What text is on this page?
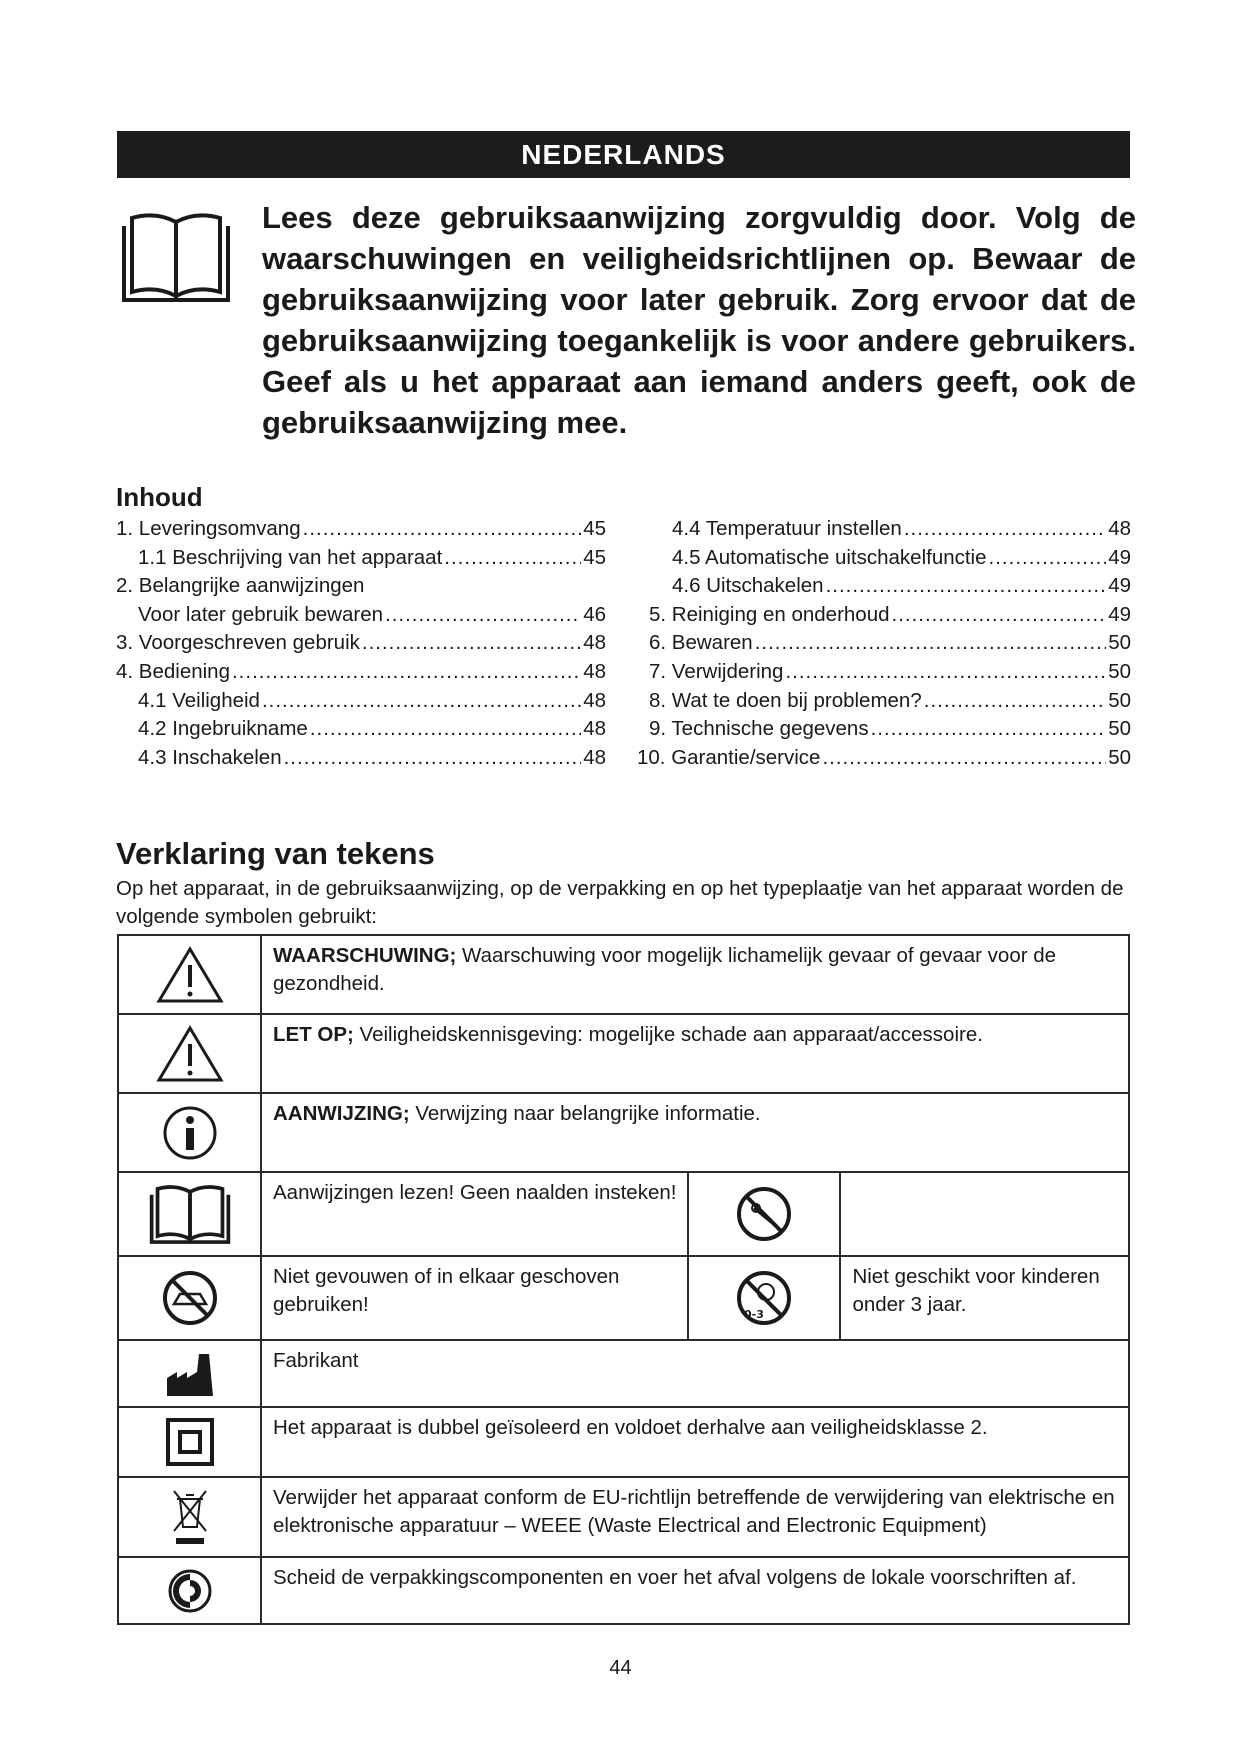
NEDERLANDS

Lees deze gebruiksaanwijzing zorgvuldig door. Volg de waarschuwingen en veiligheidsrichtlijnen op. Bewaar de gebruiksaanwijzing voor later gebruik. Zorg ervoor dat de gebruiksaanwijzing toegankelijk is voor andere gebruikers. Geef als u het apparaat aan iemand anders geeft, ook de gebruiksaanwijzing mee.

Inhoud
1. Leveringsomvang .....	45
1.1 Beschrijving van het apparaat .....	45
2. Belangrijke aanwijzingen
Voor later gebruik bewaren .....	46
3. Voorgeschreven gebruik .....	48
4. Bediening .....	48
4.1 Veiligheid .....	48
4.2 Ingebruikname .....	48
4.3 Inschakelen .....	48
4.4 Temperatuur instellen .....	48
4.5 Automatische uitschakelfunctie .....	49
4.6 Uitschakelen .....	49
5. Reiniging en onderhoud .....	49
6. Bewaren .....	50
7. Verwijdering .....	50
8. Wat te doen bij problemen? .....	50
9. Technische gegevens .....	50
10. Garantie/service .....	50
Verklaring van tekens

Op het apparaat, in de gebruiksaanwijzing, op de verpakking en op het typeplaatje van het apparaat worden de volgende symbolen gebruikt:

	WAARSCHUWING; Waarschuwing voor mogelijk lichamelijk gevaar of gevaar voor de gezondheid.		

	LET OP; Veiligheidskennisgeving: mogelijke schade aan apparaat/accessoire.		

	AANWIJZING; Verwijzing naar belangrijke informatie.		

	Aanwijzingen lezen! Geen naalden insteken!	

	Niet gevouwen of in elkaar geschoven gebruiken!	0-3	Niet geschikt voor kinderen onder 3 jaar.

	Fabrikant		

	Het apparaat is dubbel geïsoleerd en voldoet derhalve aan veiligheidsklasse 2.		

	Verwijder het apparaat conform de EU-richtlijn betreffende de verwijdering van elektrische en elektronische apparatuur – WEEE (Waste Electrical and Electronic Equipment)		

	Scheid de verpakkingscomponenten en voer het afval volgens de lokale voorschriften af.		
44
